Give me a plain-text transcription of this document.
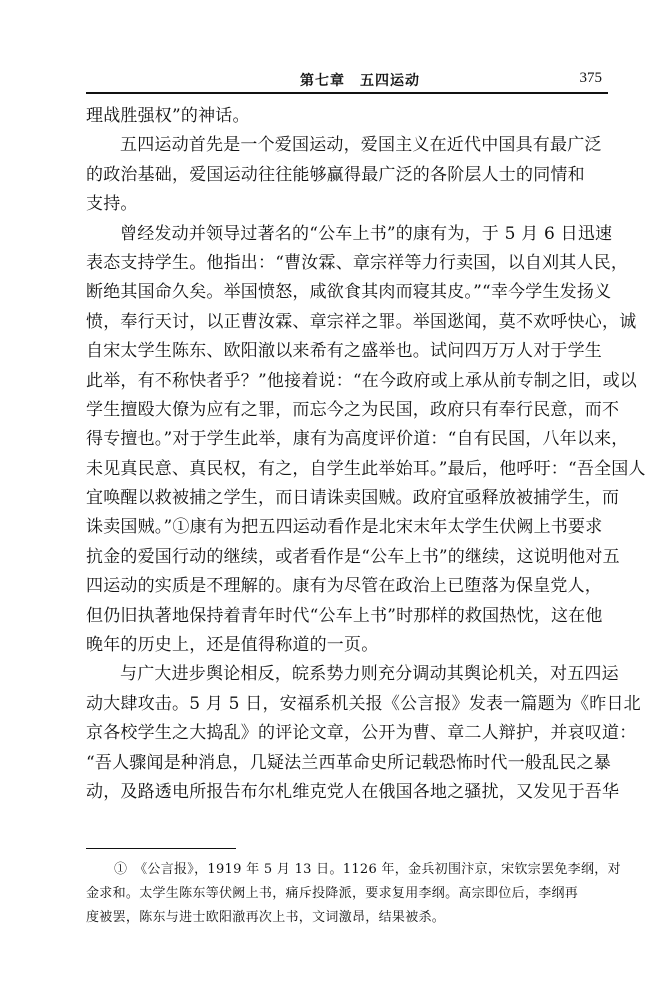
第七章　五四运动	375
理战胜强权”的神话。
五四运动首先是一个爱国运动，爱国主义在近代中国具有最广泛
的政治基础，爱国运动往往能够赢得最广泛的各阶层人士的同情和
支持。
曾经发动并领导过著名的“公车上书”的康有为，于 5 月 6 日迅速
表态支持学生。他指出：“曹汝霖、章宗祥等力行卖国，以自刈其人民，
断绝其国命久矣。举国愤怒，咸欲食其肉而寝其皮。”“幸今学生发扬义
愤，奉行天讨，以正曹汝霖、章宗祥之罪。举国逖闻，莫不欢呼快心，诚
自宋太学生陈东、欧阳澈以来希有之盛举也。试问四万万人对于学生
此举，有不称快者乎？”他接着说：“在今政府或上承从前专制之旧，或以
学生擅殴大僚为应有之罪，而忘今之为民国，政府只有奉行民意，而不
得专擅也。”对于学生此举，康有为高度评价道：“自有民国，八年以来，
未见真民意、真民权，有之，自学生此举始耳。”最后，他呼吁：“吾全国人
宜唤醒以救被捕之学生，而日请诛卖国贼。政府宜亟释放被捕学生，而
诛卖国贼。”①康有为把五四运动看作是北宋末年太学生伏阙上书要求
抗金的爱国行动的继续，或者看作是“公车上书”的继续，这说明他对五
四运动的实质是不理解的。康有为尽管在政治上已堕落为保皇党人，
但仍旧执著地保持着青年时代“公车上书”时那样的救国热忱，这在他
晚年的历史上，还是值得称道的一页。
与广大进步舆论相反，皖系势力则充分调动其舆论机关，对五四运
动大肆攻击。5 月 5 日，安福系机关报《公言报》发表一篇题为《昨日北
京各校学生之大捣乱》的评论文章，公开为曹、章二人辩护，并哀叹道：
“吾人骤闻是种消息，几疑法兰西革命史所记载恐怖时代一般乱民之暴
动，及路透电所报告布尔札维克党人在俄国各地之骚扰，又发见于吾华
①　《公言报》，1919 年 5 月 13 日。1126 年，金兵初围汴京，宋钦宗罢免李纲，对
金求和。太学生陈东等伏阙上书，痛斥投降派，要求复用李纲。高宗即位后，李纲再
度被罢，陈东与进士欧阳澈再次上书，文词激昂，结果被杀。
